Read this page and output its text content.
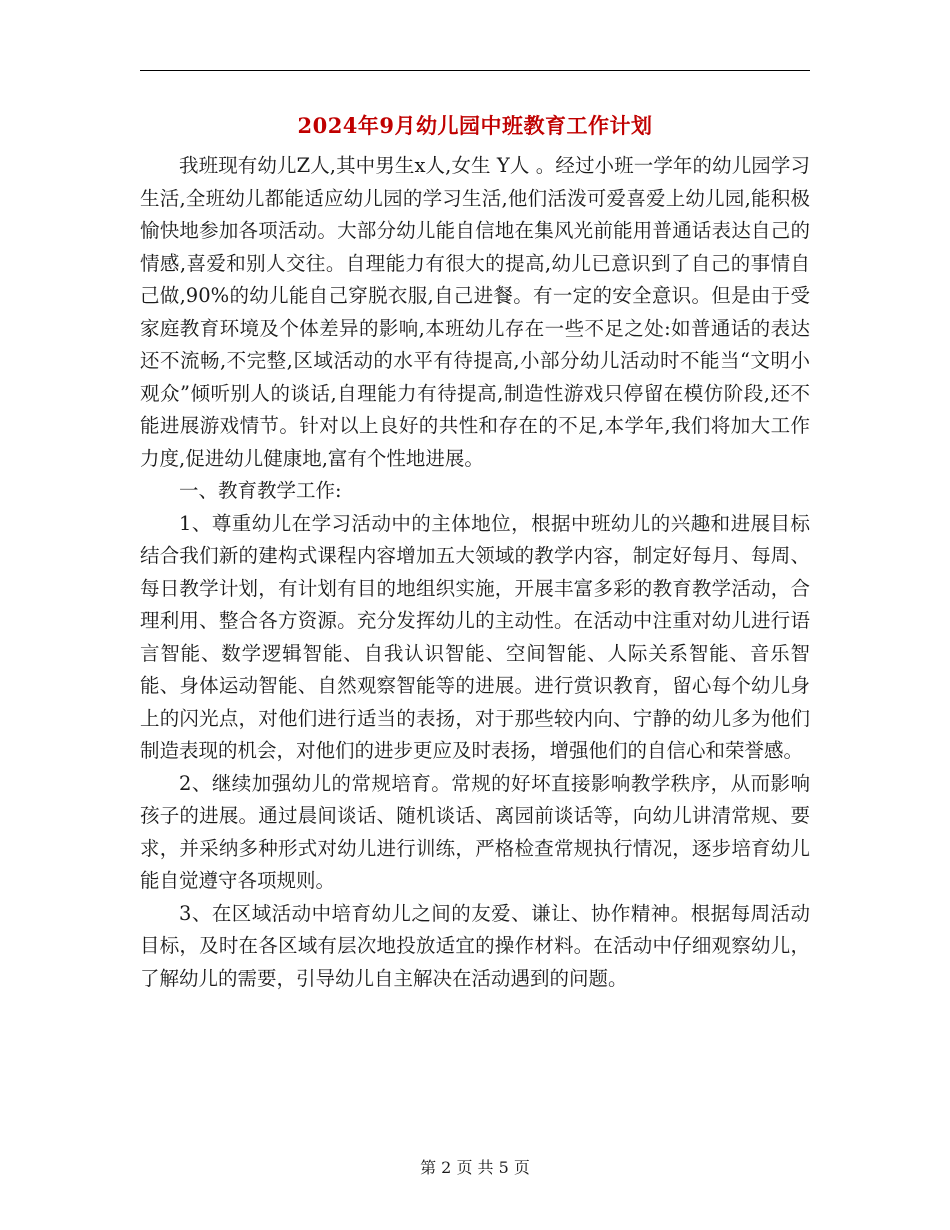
2024年9月幼儿园中班教育工作计划

我班现有幼儿Z人,其中男生x人,女生 Y人 。经过小班一学年的幼儿园学习生活,全班幼儿都能适应幼儿园的学习生活,他们活泼可爱喜爱上幼儿园,能积极愉快地参加各项活动。大部分幼儿能自信地在集风光前能用普通话表达自己的情感,喜爱和别人交往。自理能力有很大的提高,幼儿已意识到了自己的事情自己做,90%的幼儿能自己穿脱衣服,自己进餐。有一定的安全意识。但是由于受家庭教育环境及个体差异的影响,本班幼儿存在一些不足之处:如普通话的表达还不流畅,不完整,区域活动的水平有待提高,小部分幼儿活动时不能当“文明小观众”倾听别人的谈话,自理能力有待提高,制造性游戏只停留在模仿阶段,还不能进展游戏情节。针对以上良好的共性和存在的不足,本学年,我们将加大工作力度,促进幼儿健康地,富有个性地进展。

一、教育教学工作:

1、尊重幼儿在学习活动中的主体地位，根据中班幼儿的兴趣和进展目标结合我们新的建构式课程内容增加五大领域的教学内容，制定好每月、每周、每日教学计划，有计划有目的地组织实施，开展丰富多彩的教育教学活动，合理利用、整合各方资源。充分发挥幼儿的主动性。在活动中注重对幼儿进行语言智能、数学逻辑智能、自我认识智能、空间智能、人际关系智能、音乐智能、身体运动智能、自然观察智能等的进展。进行赏识教育，留心每个幼儿身上的闪光点，对他们进行适当的表扬，对于那些较内向、宁静的幼儿多为他们制造表现的机会，对他们的进步更应及时表扬，增强他们的自信心和荣誉感。

2、继续加强幼儿的常规培育。常规的好坏直接影响教学秩序，从而影响孩子的进展。通过晨间谈话、随机谈话、离园前谈话等，向幼儿讲清常规、要求，并采纳多种形式对幼儿进行训练，严格检查常规执行情况，逐步培育幼儿能自觉遵守各项规则。

3、在区域活动中培育幼儿之间的友爱、谦让、协作精神。根据每周活动目标，及时在各区域有层次地投放适宜的操作材料。在活动中仔细观察幼儿，了解幼儿的需要，引导幼儿自主解决在活动遇到的问题。

第 2 页 共 5 页
